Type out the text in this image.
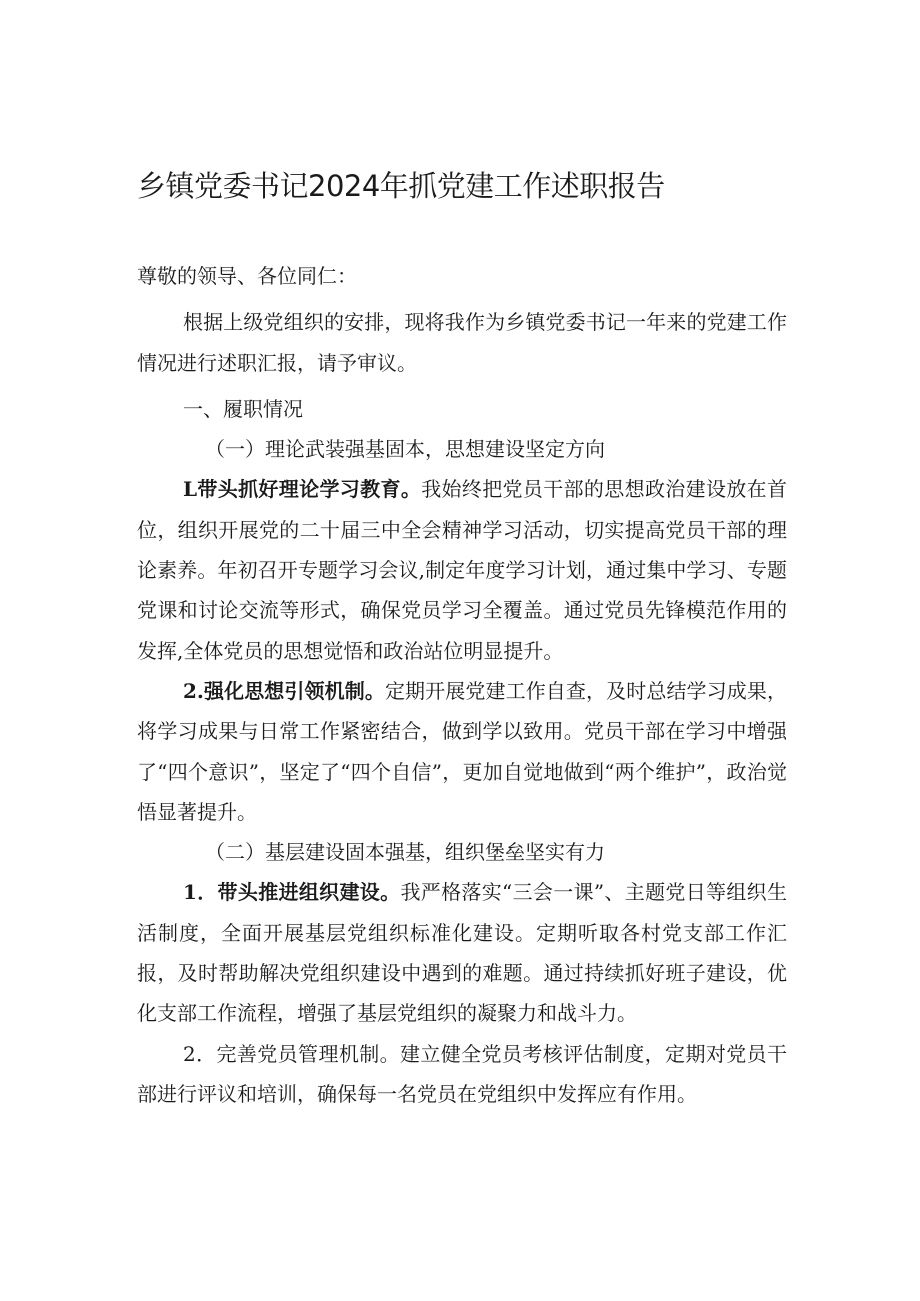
乡镇党委书记2024年抓党建工作述职报告

尊敬的领导、各位同仁：

根据上级党组织的安排，现将我作为乡镇党委书记一年来的党建工作情况进行述职汇报，请予审议。

一、履职情况

（一）理论武装强基固本，思想建设坚定方向

L带头抓好理论学习教育。我始终把党员干部的思想政治建设放在首位，组织开展党的二十届三中全会精神学习活动，切实提高党员干部的理论素养。年初召开专题学习会议,制定年度学习计划，通过集中学习、专题党课和讨论交流等形式，确保党员学习全覆盖。通过党员先锋模范作用的发挥,全体党员的思想觉悟和政治站位明显提升。

2.强化思想引领机制。定期开展党建工作自查，及时总结学习成果，将学习成果与日常工作紧密结合，做到学以致用。党员干部在学习中增强了“四个意识”，坚定了“四个自信”，更加自觉地做到“两个维护”，政治觉悟显著提升。

（二）基层建设固本强基，组织堡垒坚实有力

1．带头推进组织建设。我严格落实“三会一课”、主题党日等组织生活制度，全面开展基层党组织标准化建设。定期听取各村党支部工作汇报，及时帮助解决党组织建设中遇到的难题。通过持续抓好班子建设，优化支部工作流程，增强了基层党组织的凝聚力和战斗力。

2．完善党员管理机制。建立健全党员考核评估制度，定期对党员干部进行评议和培训，确保每一名党员在党组织中发挥应有作用。
